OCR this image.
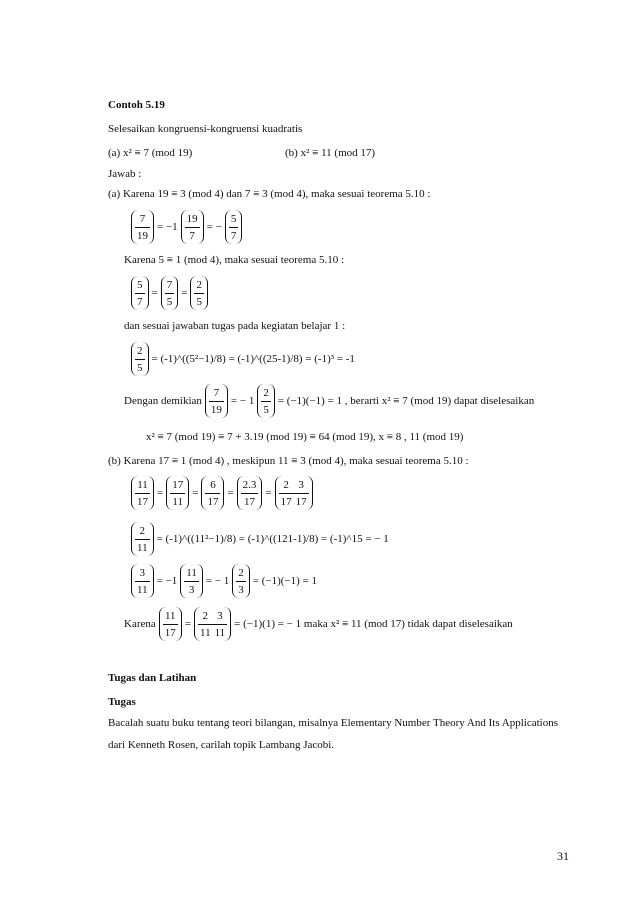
Contoh 5.19
Selesaikan kongruensi-kongruensi kuadratis
(a) x² ≡ 7 (mod 19)	(b) x² ≡ 11 (mod 17)
Jawab :
(a) Karena 19 ≡ 3 (mod 4) dan 7 ≡ 3 (mod 4), maka sesuai teorema 5.10 :
$\frac{7}{19} = -1 \frac{19}{7}$ = − $\frac{5}{7}$
Karena 5 ≡ 1 (mod 4), maka sesuai teorema 5.10 :
$\frac{5}{7} = \frac{7}{5} = \frac{2}{5}$
dan sesuai jawaban tugas pada kegiatan belajar 1 :
$\frac{2}{5}$ = (-1)^((5²−1)/8) = (-1)^((25-1)/8) = (-1)³ = -1
Dengan demikian $\frac{7}{19}$ = − $1 \frac{2}{5} = (-1)(-1) = 1$ , berarti x² ≡ 7 (mod 19) dapat diselesaikan
x² ≡ 7 (mod 19) ≡ 7 + 3.19 (mod 19) ≡ 64 (mod 19), x ≡ 8 , 11 (mod 19)
(b) Karena 17 ≡ 1 (mod 4) , meskipun 11 ≡ 3 (mod 4), maka sesuai teorema 5.10 :
$\frac{11}{17} = \frac{17}{11} = \frac{6}{17} = \frac{2.3}{17} = \frac{2}{17} \frac{3}{17}$
$\frac{2}{11}$ = (-1)^((11²−1)/8) = (-1)^((121-1)/8) = (-1)^15 = − 1
$\frac{3}{11} = -1 \frac{11}{3}$ = − $1 \frac{2}{3} = (-1)(-1) = 1$
Karena $\frac{11}{17} = \frac{2}{11} \frac{3}{11} = (-1)(1)$ = − 1 maka x² ≡ 11 (mod 17) tidak dapat diselesaikan
Tugas dan Latihan
Tugas
Bacalah suatu buku tentang teori bilangan, misalnya Elementary Number Theory And Its Applications dari Kenneth Rosen, carilah topik Lambang Jacobi.
31
